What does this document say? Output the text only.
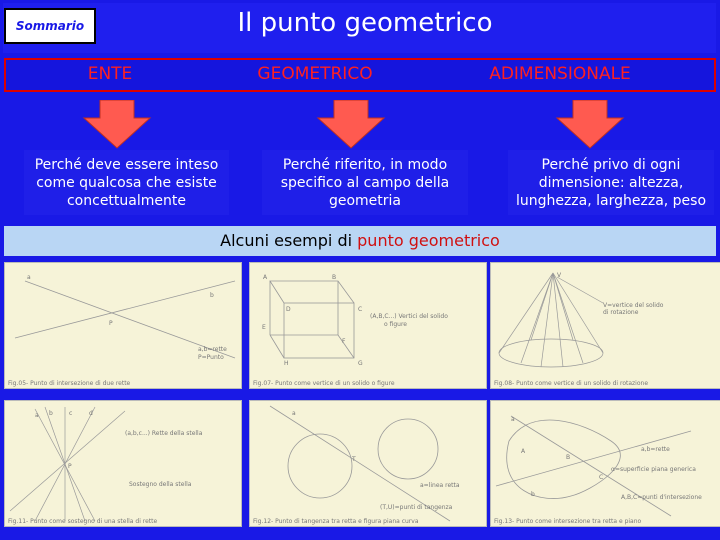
Sommario	Il punto geometrico
ENTE	GEOMETRICO	ADIMENSIONALE
Perché deve essere inteso
come qualcosa che esiste
concettualmente
Perché riferito, in modo
specifico al campo della
geometria
Perché privo di ogni
dimensione: altezza,
lunghezza, larghezza, peso
Alcuni esempi di punto geometrico
a
b
P
a,b=rette
P=Punto
Fig.05- Punto di intersezione di due rette
A	B
C
D
E
F
G
H
(A,B,C...) Vertici del solido
o figure
Fig.07- Punto come vertice di un solido o figure
V
V=vertice del solido
di rotazione
Fig.08- Punto come vertice di un solido di rotazione
a b	c	d
(a,b,c...) Rette della stella
P
Sostegno della stella
Fig.11- Punto come sostegno di una stella di rette
a
a=linea retta
T
(T,U)=punti di tangenza
Fig.12- Punto di tangenza tra retta e figura piana curva
a
b
A
B
C
a,b=rette
α=superficie piana generica
A,B,C=punti d'intersezione
Fig.13- Punto come intersezione tra retta e piano
